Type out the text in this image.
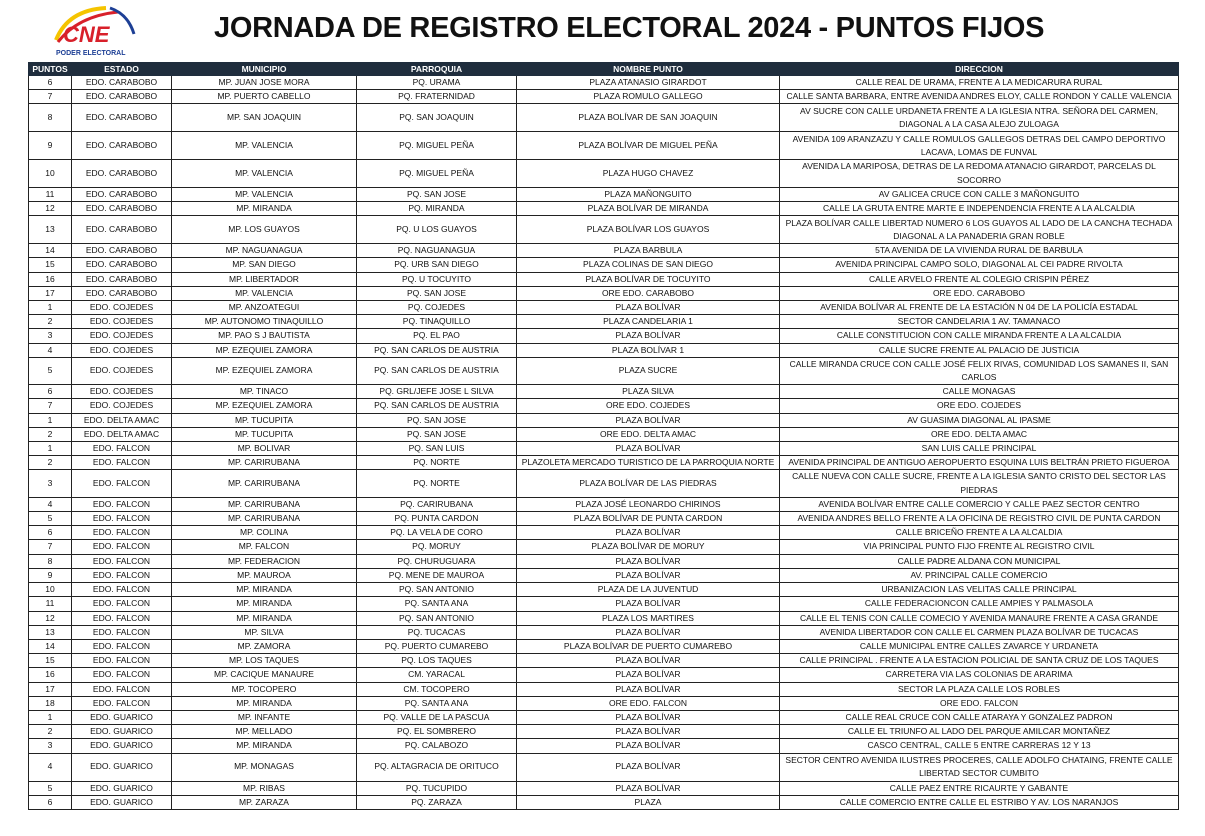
CNE
PODER ELECTORAL
JORNADA DE REGISTRO ELECTORAL 2024 - PUNTOS FIJOS
PUNTOS	ESTADO	MUNICIPIO	PARROQUIA	NOMBRE PUNTO	DIRECCION
6	EDO. CARABOBO	MP. JUAN JOSE MORA	PQ. URAMA	PLAZA ATANASIO GIRARDOT	CALLE REAL DE URAMA, FRENTE A LA MEDICARURA RURAL
7	EDO. CARABOBO	MP. PUERTO CABELLO	PQ. FRATERNIDAD	PLAZA ROMULO GALLEGO	CALLE SANTA BARBARA, ENTRE AVENIDA ANDRES ELOY, CALLE RONDON Y CALLE VALENCIA
8	EDO. CARABOBO	MP. SAN JOAQUIN	PQ. SAN JOAQUIN	PLAZA BOLÍVAR DE SAN JOAQUIN	AV SUCRE CON CALLE URDANETA FRENTE A LA IGLESIA NTRA. SEÑORA DEL CARMEN, DIAGONAL A LA CASA ALEJO ZULOAGA
9	EDO. CARABOBO	MP. VALENCIA	PQ. MIGUEL PEÑA	PLAZA BOLÍVAR DE MIGUEL PEÑA	AVENIDA 109 ARANZAZU Y CALLE ROMULOS GALLEGOS DETRAS DEL CAMPO DEPORTIVO LACAVA, LOMAS DE FUNVAL
10	EDO. CARABOBO	MP. VALENCIA	PQ. MIGUEL PEÑA	PLAZA HUGO CHAVEZ	AVENIDA LA MARIPOSA, DETRAS DE LA REDOMA ATANACIO GIRARDOT, PARCELAS DL SOCORRO
11	EDO. CARABOBO	MP. VALENCIA	PQ. SAN JOSE	PLAZA MAÑONGUITO	AV GALICEA CRUCE CON CALLE 3 MAÑONGUITO
12	EDO. CARABOBO	MP. MIRANDA	PQ. MIRANDA	PLAZA BOLÍVAR DE MIRANDA	CALLE LA GRUTA ENTRE MARTE E INDEPENDENCIA FRENTE A LA ALCALDIA
13	EDO. CARABOBO	MP. LOS GUAYOS	PQ. U LOS GUAYOS	PLAZA BOLÍVAR LOS GUAYOS	PLAZA BOLÍVAR CALLE LIBERTAD NUMERO 6 LOS GUAYOS AL LADO DE LA CANCHA TECHADA DIAGONAL A LA PANADERIA GRAN ROBLE
14	EDO. CARABOBO	MP. NAGUANAGUA	PQ. NAGUANAGUA	PLAZA BARBULA	5TA AVENIDA DE LA VIVIENDA RURAL DE BARBULA
15	EDO. CARABOBO	MP. SAN DIEGO	PQ. URB SAN DIEGO	PLAZA COLINAS DE SAN DIEGO	AVENIDA PRINCIPAL CAMPO SOLO, DIAGONAL AL CEI PADRE RIVOLTA
16	EDO. CARABOBO	MP. LIBERTADOR	PQ. U TOCUYITO	PLAZA BOLÍVAR DE TOCUYITO	CALLE ARVELO FRENTE AL COLEGIO CRISPIN PÉREZ
17	EDO. CARABOBO	MP. VALENCIA	PQ. SAN JOSE	ORE EDO. CARABOBO	ORE EDO. CARABOBO
1	EDO. COJEDES	MP. ANZOATEGUI	PQ. COJEDES	PLAZA BOLÍVAR	AVENIDA BOLÍVAR AL FRENTE DE LA ESTACIÓN N 04 DE LA POLICÍA ESTADAL
2	EDO. COJEDES	MP. AUTONOMO TINAQUILLO	PQ. TINAQUILLO	PLAZA CANDELARIA 1	SECTOR CANDELARIA 1 AV. TAMANACO
3	EDO. COJEDES	MP. PAO S J BAUTISTA	PQ. EL PAO	PLAZA BOLÍVAR	CALLE CONSTITUCION CON CALLE MIRANDA FRENTE A LA ALCALDIA
4	EDO. COJEDES	MP. EZEQUIEL ZAMORA	PQ. SAN CARLOS DE AUSTRIA	PLAZA BOLÍVAR 1	CALLE SUCRE FRENTE AL PALACIO DE JUSTICIA
5	EDO. COJEDES	MP. EZEQUIEL ZAMORA	PQ. SAN CARLOS DE AUSTRIA	PLAZA SUCRE	CALLE MIRANDA CRUCE CON CALLE JOSÉ FELIX RIVAS, COMUNIDAD LOS SAMANES II, SAN CARLOS
6	EDO. COJEDES	MP. TINACO	PQ. GRL/JEFE JOSE L SILVA	PLAZA SILVA	CALLE MONAGAS
7	EDO. COJEDES	MP. EZEQUIEL ZAMORA	PQ. SAN CARLOS DE AUSTRIA	ORE EDO. COJEDES	ORE EDO. COJEDES
1	EDO. DELTA AMAC	MP. TUCUPITA	PQ. SAN JOSE	PLAZA BOLÍVAR	AV GUASIMA DIAGONAL AL IPASME
2	EDO. DELTA AMAC	MP. TUCUPITA	PQ. SAN JOSE	ORE EDO. DELTA AMAC	ORE EDO. DELTA AMAC
1	EDO. FALCON	MP. BOLIVAR	PQ. SAN LUIS	PLAZA BOLÍVAR	SAN LUIS CALLE PRINCIPAL
2	EDO. FALCON	MP. CARIRUBANA	PQ. NORTE	PLAZOLETA MERCADO TURISTICO DE LA PARROQUIA NORTE	AVENIDA PRINCIPAL DE ANTIGUO AEROPUERTO ESQUINA LUIS BELTRÁN PRIETO FIGUEROA
3	EDO. FALCON	MP. CARIRUBANA	PQ. NORTE	PLAZA BOLÍVAR DE LAS PIEDRAS	CALLE NUEVA CON CALLE SUCRE, FRENTE A LA IGLESIA SANTO CRISTO DEL SECTOR LAS PIEDRAS
4	EDO. FALCON	MP. CARIRUBANA	PQ. CARIRUBANA	PLAZA JOSÉ LEONARDO CHIRINOS	AVENIDA BOLÍVAR ENTRE CALLE COMERCIO Y CALLE PAEZ SECTOR CENTRO
5	EDO. FALCON	MP. CARIRUBANA	PQ. PUNTA CARDON	PLAZA BOLÍVAR DE PUNTA CARDON	AVENIDA ANDRES BELLO FRENTE A LA OFICINA DE REGISTRO CIVIL DE PUNTA CARDON
6	EDO. FALCON	MP. COLINA	PQ. LA VELA DE CORO	PLAZA BOLÍVAR	CALLE BRICEÑO FRENTE A LA ALCALDIA
7	EDO. FALCON	MP. FALCON	PQ. MORUY	PLAZA BOLÍVAR DE MORUY	VIA PRINCIPAL PUNTO FIJO FRENTE AL REGISTRO CIVIL
8	EDO. FALCON	MP. FEDERACION	PQ. CHURUGUARA	PLAZA BOLÍVAR	CALLE PADRE ALDANA CON MUNICIPAL
9	EDO. FALCON	MP. MAUROA	PQ. MENE DE MAUROA	PLAZA BOLÍVAR	AV. PRINCIPAL CALLE COMERCIO
10	EDO. FALCON	MP. MIRANDA	PQ. SAN ANTONIO	PLAZA DE LA JUVENTUD	URBANIZACION LAS VELITAS CALLE PRINCIPAL
11	EDO. FALCON	MP. MIRANDA	PQ. SANTA ANA	PLAZA BOLÍVAR	CALLE FEDERACIONCON CALLE AMPIES Y PALMASOLA
12	EDO. FALCON	MP. MIRANDA	PQ. SAN ANTONIO	PLAZA LOS MARTIRES	CALLE EL TENIS CON CALLE COMECIO Y AVENIDA MANAURE FRENTE A CASA GRANDE
13	EDO. FALCON	MP. SILVA	PQ. TUCACAS	PLAZA BOLÍVAR	AVENIDA LIBERTADOR CON CALLE EL CARMEN PLAZA BOLÍVAR DE TUCACAS
14	EDO. FALCON	MP. ZAMORA	PQ. PUERTO CUMAREBO	PLAZA BOLÍVAR DE PUERTO CUMAREBO	CALLE MUNICIPAL ENTRE CALLES ZAVARCE Y URDANETA
15	EDO. FALCON	MP. LOS TAQUES	PQ. LOS TAQUES	PLAZA BOLÍVAR	CALLE PRINCIPAL . FRENTE A LA ESTACION POLICIAL DE SANTA CRUZ DE LOS TAQUES
16	EDO. FALCON	MP. CACIQUE MANAURE	CM. YARACAL	PLAZA BOLÍVAR	CARRETERA VIA LAS COLONIAS DE ARARIMA
17	EDO. FALCON	MP. TOCOPERO	CM. TOCOPERO	PLAZA BOLÍVAR	SECTOR LA PLAZA CALLE LOS ROBLES
18	EDO. FALCON	MP. MIRANDA	PQ. SANTA ANA	ORE EDO. FALCON	ORE EDO. FALCON
1	EDO. GUARICO	MP. INFANTE	PQ. VALLE DE LA PASCUA	PLAZA BOLÍVAR	CALLE REAL CRUCE CON CALLE ATARAYA Y GONZALEZ PADRON
2	EDO. GUARICO	MP. MELLADO	PQ. EL SOMBRERO	PLAZA BOLÍVAR	CALLE EL TRIUNFO AL LADO DEL PARQUE AMILCAR MONTAÑEZ
3	EDO. GUARICO	MP. MIRANDA	PQ. CALABOZO	PLAZA BOLÍVAR	CASCO CENTRAL, CALLE 5 ENTRE CARRERAS 12 Y 13
4	EDO. GUARICO	MP. MONAGAS	PQ. ALTAGRACIA DE ORITUCO	PLAZA BOLÍVAR	SECTOR CENTRO AVENIDA ILUSTRES PROCERES, CALLE ADOLFO CHATAING, FRENTE CALLE LIBERTAD SECTOR CUMBITO
5	EDO. GUARICO	MP. RIBAS	PQ. TUCUPIDO	PLAZA BOLÍVAR	CALLE PAEZ ENTRE RICAURTE Y GABANTE
6	EDO. GUARICO	MP. ZARAZA	PQ. ZARAZA	PLAZA	CALLE COMERCIO ENTRE CALLE EL ESTRIBO Y AV. LOS NARANJOS
